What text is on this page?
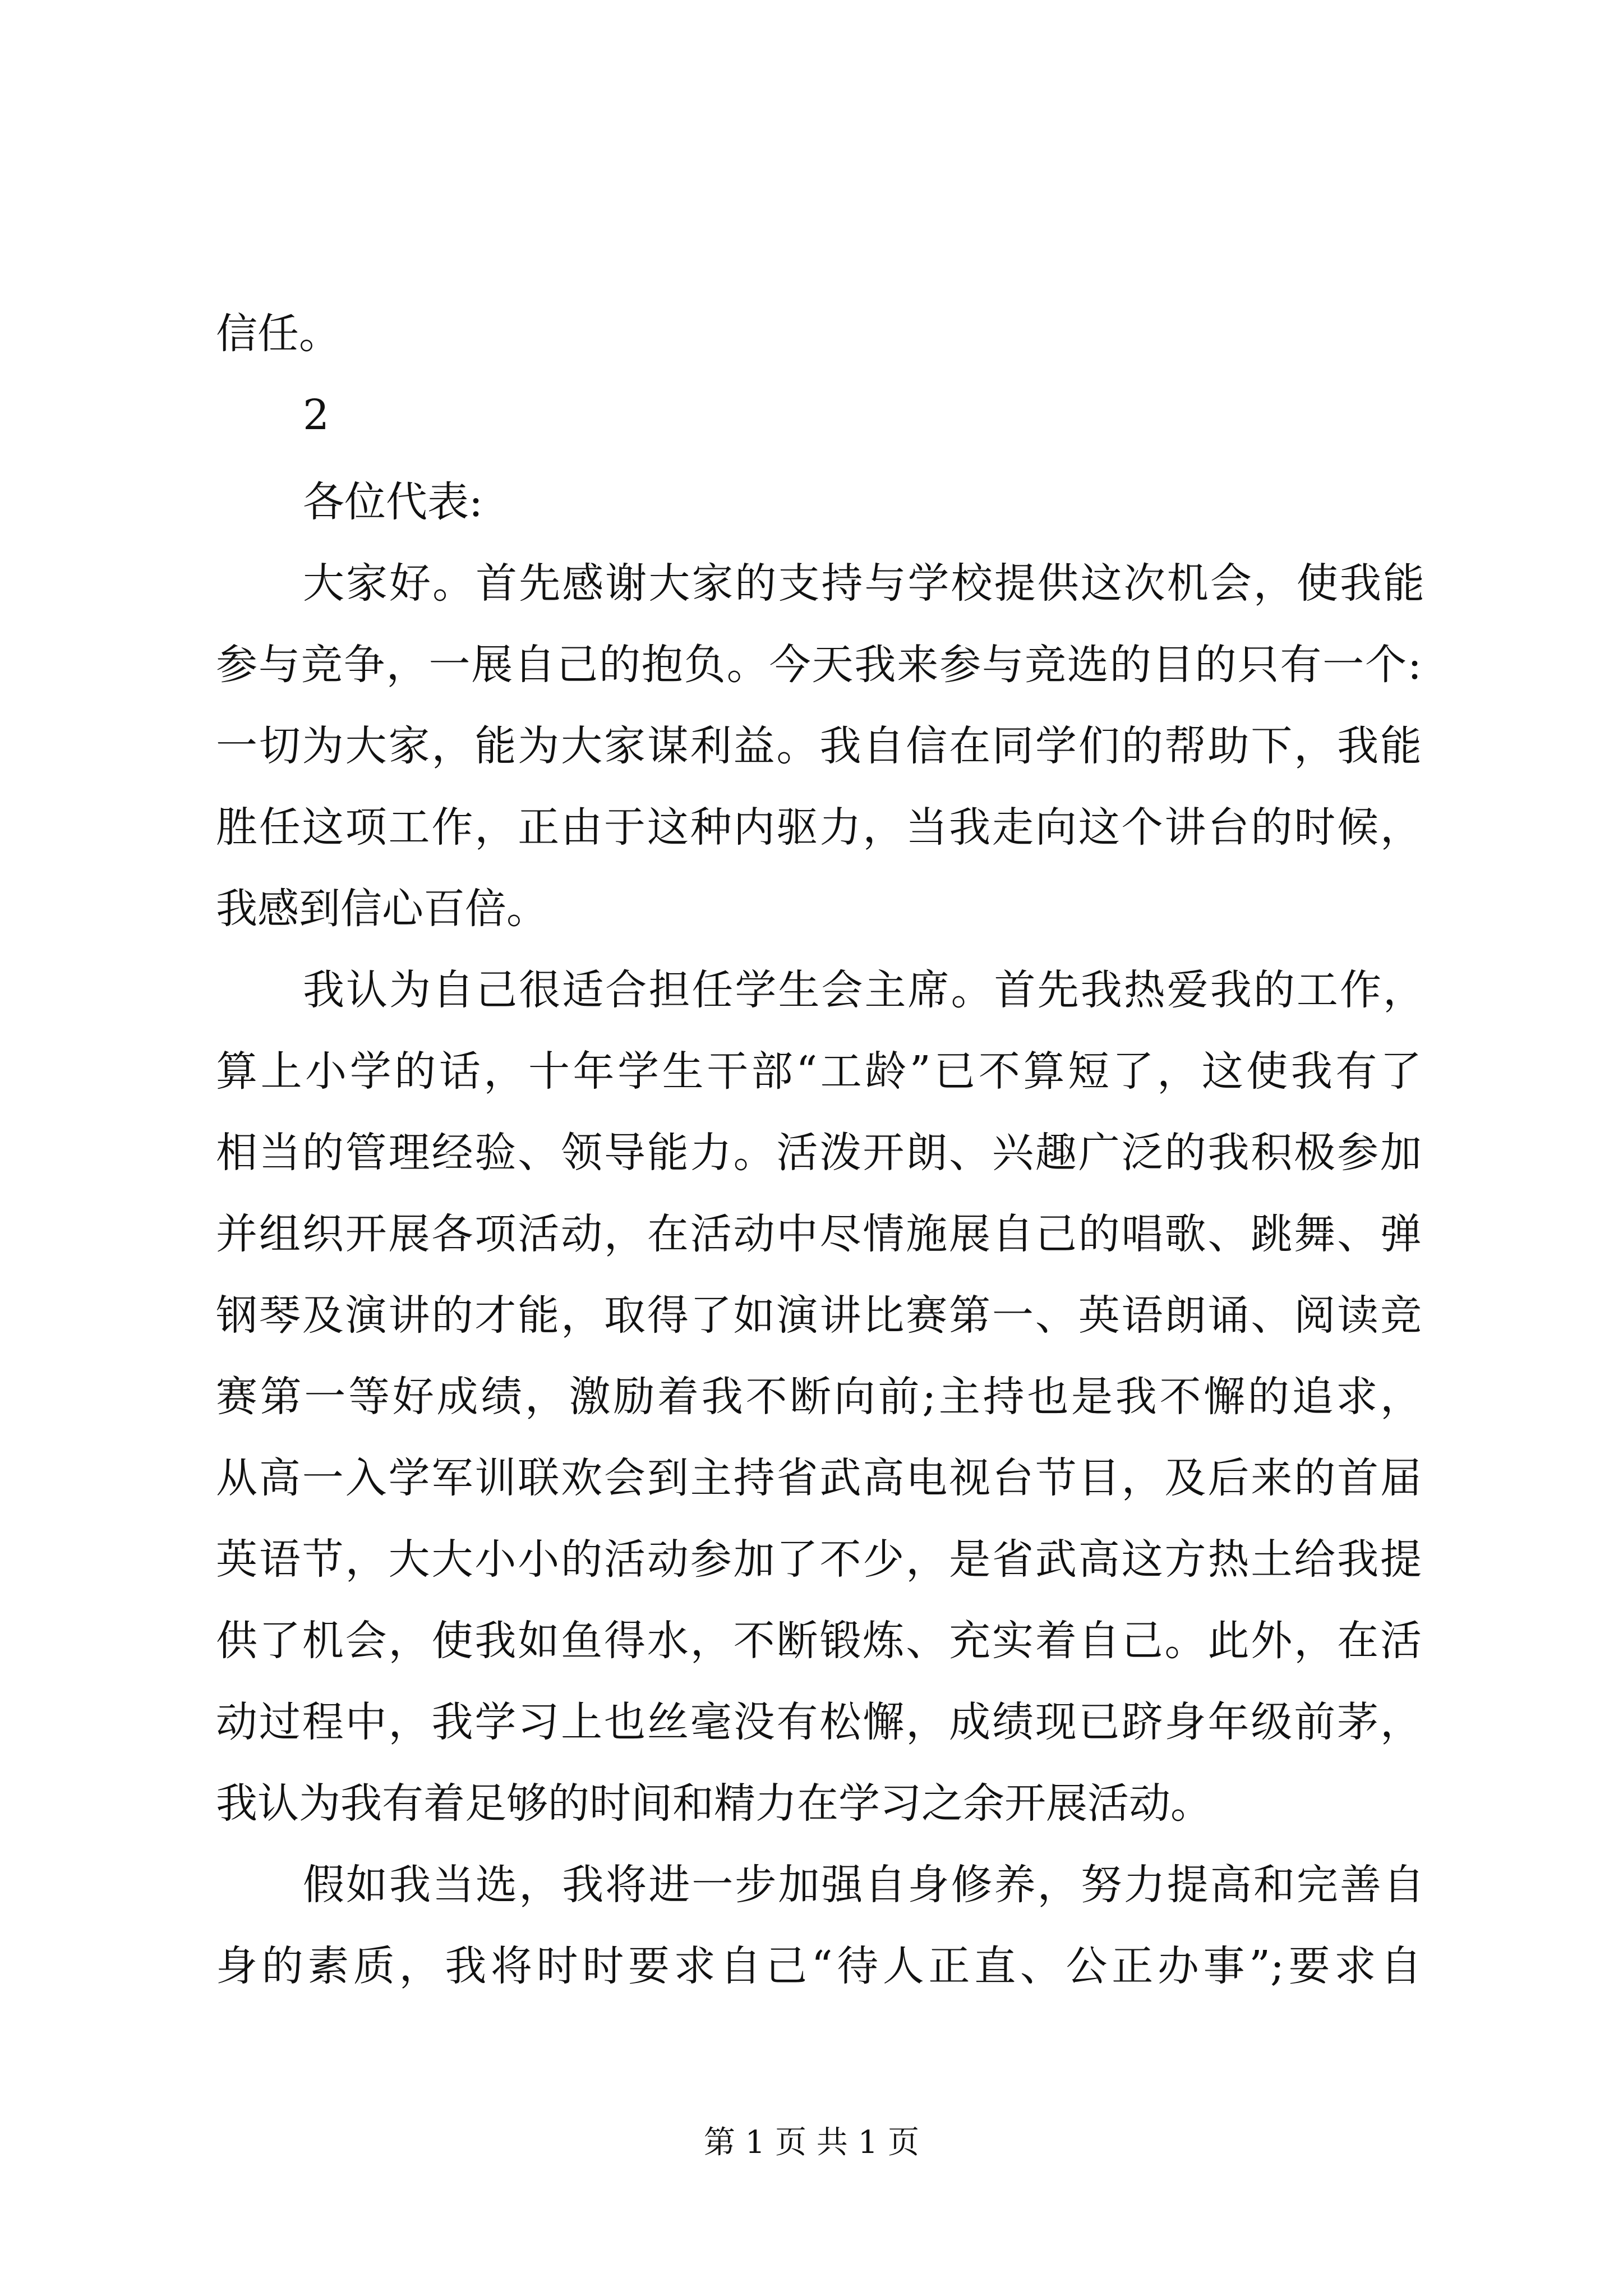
信任。

2

各位代表:

大家好。首先感谢大家的支持与学校提供这次机会，使我能

参与竞争，一展自己的抱负。今天我来参与竞选的目的只有一个:

一切为大家，能为大家谋利益。我自信在同学们的帮助下，我能

胜任这项工作，正由于这种内驱力，当我走向这个讲台的时候，

我感到信心百倍。

我认为自己很适合担任学生会主席。首先我热爱我的工作，

算上小学的话，十年学生干部“工龄”已不算短了，这使我有了

相当的管理经验、领导能力。活泼开朗、兴趣广泛的我积极参加

并组织开展各项活动，在活动中尽情施展自己的唱歌、跳舞、弹

钢琴及演讲的才能，取得了如演讲比赛第一、英语朗诵、阅读竞

赛第一等好成绩，激励着我不断向前;主持也是我不懈的追求，

从高一入学军训联欢会到主持省武高电视台节目，及后来的首届

英语节，大大小小的活动参加了不少，是省武高这方热土给我提

供了机会，使我如鱼得水，不断锻炼、充实着自己。此外，在活

动过程中，我学习上也丝毫没有松懈，成绩现已跻身年级前茅，

我认为我有着足够的时间和精力在学习之余开展活动。

假如我当选，我将进一步加强自身修养，努力提高和完善自

身的素质，我将时时要求自己“待人正直、公正办事”;要求自

第 1 页 共 1 页
